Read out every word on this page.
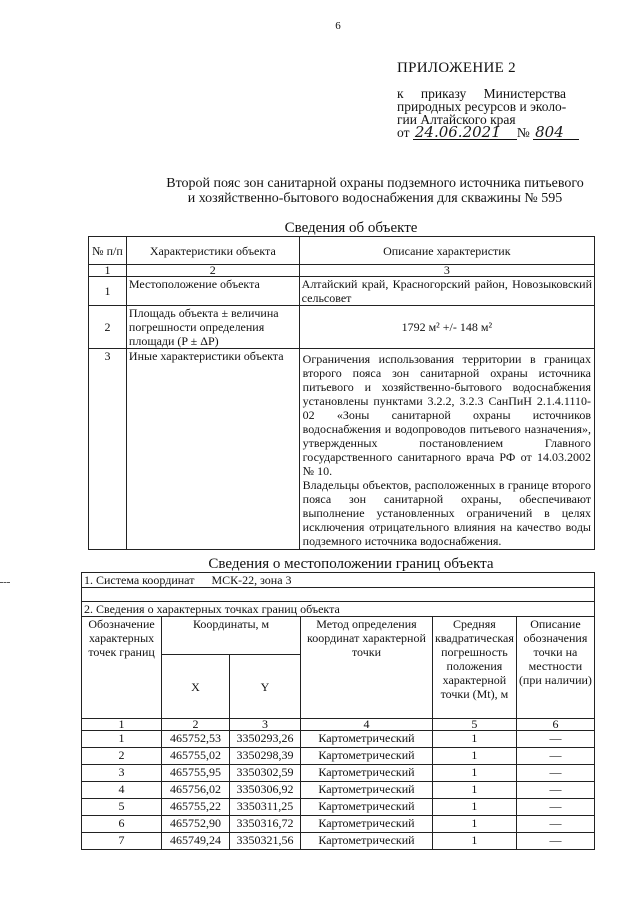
6
ПРИЛОЖЕНИЕ 2
к приказу Министерства
природных ресурсов и эколо-
гии Алтайского края
от 24.06.2021 № 804
Второй пояс зон санитарной охраны подземного источника питьевого
и хозяйственно-бытового водоснабжения для скважины № 595
Сведения об объекте
№ п/п	Характеристики объекта	Описание характеристик
1	2	3
1	Местоположение объекта	Алтайский край, Красногорский район, Новозыковский сельсовет
2	Площадь объекта ± величина погрешности определения площади (P ± ΔP)	1792 м² +/- 148 м²
3	Иные характеристики объекта	Ограничения использования территории в границах второго пояса зон санитарной охраны источника питьевого и хозяйственно-бытового водоснабжения установлены пунктами 3.2.2, 3.2.3 СанПиН 2.1.4.1110-02 «Зоны санитарной охраны источников водоснабжения и водопроводов питьевого назначения», утвержденных постановлением Главного государственного санитарного врача РФ от 14.03.2002 № 10.
Владельцы объектов, расположенных в границе второго пояса зон санитарной охраны, обеспечивают выполнение установленных ограничений в целях исключения отрицательного влияния на качество воды подземного источника водоснабжения.
Сведения о местоположении границ объекта
1. Система координат МСК-22, зона 3					

2. Сведения о характерных точках границ объекта					
Обозначение характерных точек границ	Координаты, м		Метод определения координат характерной точки	Средняя квадратическая погрешность положения характерной точки (Mt), м	Описание обозначения точки на местности (при наличии)
	X	Y			
1	2	3	4	5	6
1	465752,53	3350293,26	Картометрический	1	—
2	465755,02	3350298,39	Картометрический	1	—
3	465755,95	3350302,59	Картометрический	1	—
4	465756,02	3350306,92	Картометрический	1	—
5	465755,22	3350311,25	Картометрический	1	—
6	465752,90	3350316,72	Картометрический	1	—
7	465749,24	3350321,56	Картометрический	1	—
